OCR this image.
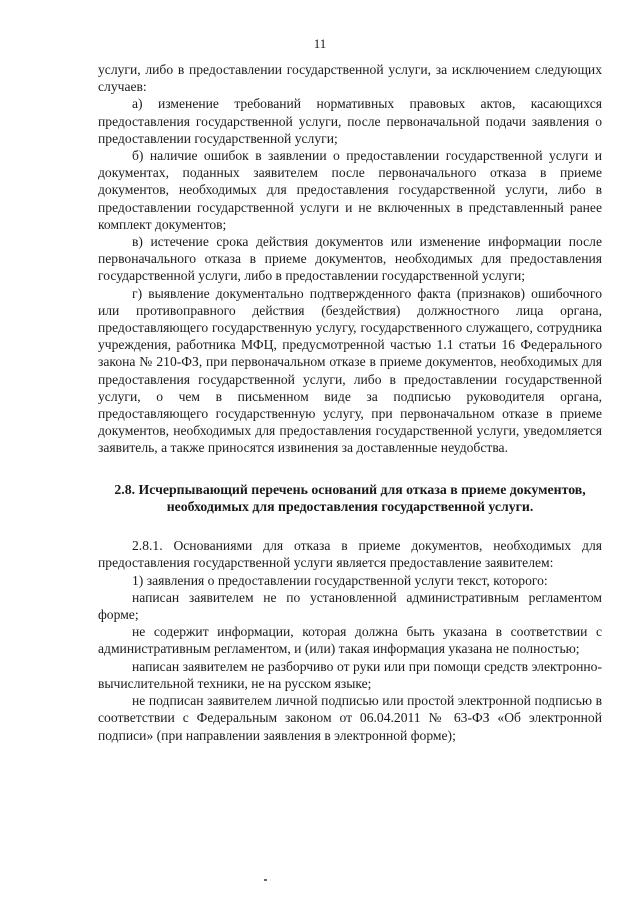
11

услуги, либо в предоставлении государственной услуги, за исключением следующих случаев:

а) изменение требований нормативных правовых актов, касающихся предоставления государственной услуги, после первоначальной подачи заявления о предоставлении государственной услуги;

б) наличие ошибок в заявлении о предоставлении государственной услуги и документах, поданных заявителем после первоначального отказа в приеме документов, необходимых для предоставления государственной услуги, либо в предоставлении государственной услуги и не включенных в представленный ранее комплект документов;

в) истечение срока действия документов или изменение информации после первоначального отказа в приеме документов, необходимых для предоставления государственной услуги, либо в предоставлении государственной услуги;

г) выявление документально подтвержденного факта (признаков) ошибочного или противоправного действия (бездействия) должностного лица органа, предоставляющего государственную услугу, государственного служащего, сотрудника учреждения, работника МФЦ, предусмотренной частью 1.1 статьи 16 Федерального закона № 210-ФЗ, при первоначальном отказе в приеме документов, необходимых для предоставления государственной услуги, либо в предоставлении государственной услуги, о чем в письменном виде за подписью руководителя органа, предоставляющего государственную услугу, при первоначальном отказе в приеме документов, необходимых для предоставления государственной услуги, уведомляется заявитель, а также приносятся извинения за доставленные неудобства.

2.8. Исчерпывающий перечень оснований для отказа в приеме документов, необходимых для предоставления государственной услуги.

2.8.1. Основаниями для отказа в приеме документов, необходимых для предоставления государственной услуги является предоставление заявителем:

1) заявления о предоставлении государственной услуги текст, которого:

написан заявителем не по установленной административным регламентом форме;

не содержит информации, которая должна быть указана в соответствии с административным регламентом, и (или) такая информация указана не полностью;

написан заявителем не разборчиво от руки или при помощи средств электронно-вычислительной техники, не на русском языке;

не подписан заявителем личной подписью или простой электронной подписью в соответствии с Федеральным законом от 06.04.2011 № 63-ФЗ «Об электронной подписи» (при направлении заявления в электронной форме);
